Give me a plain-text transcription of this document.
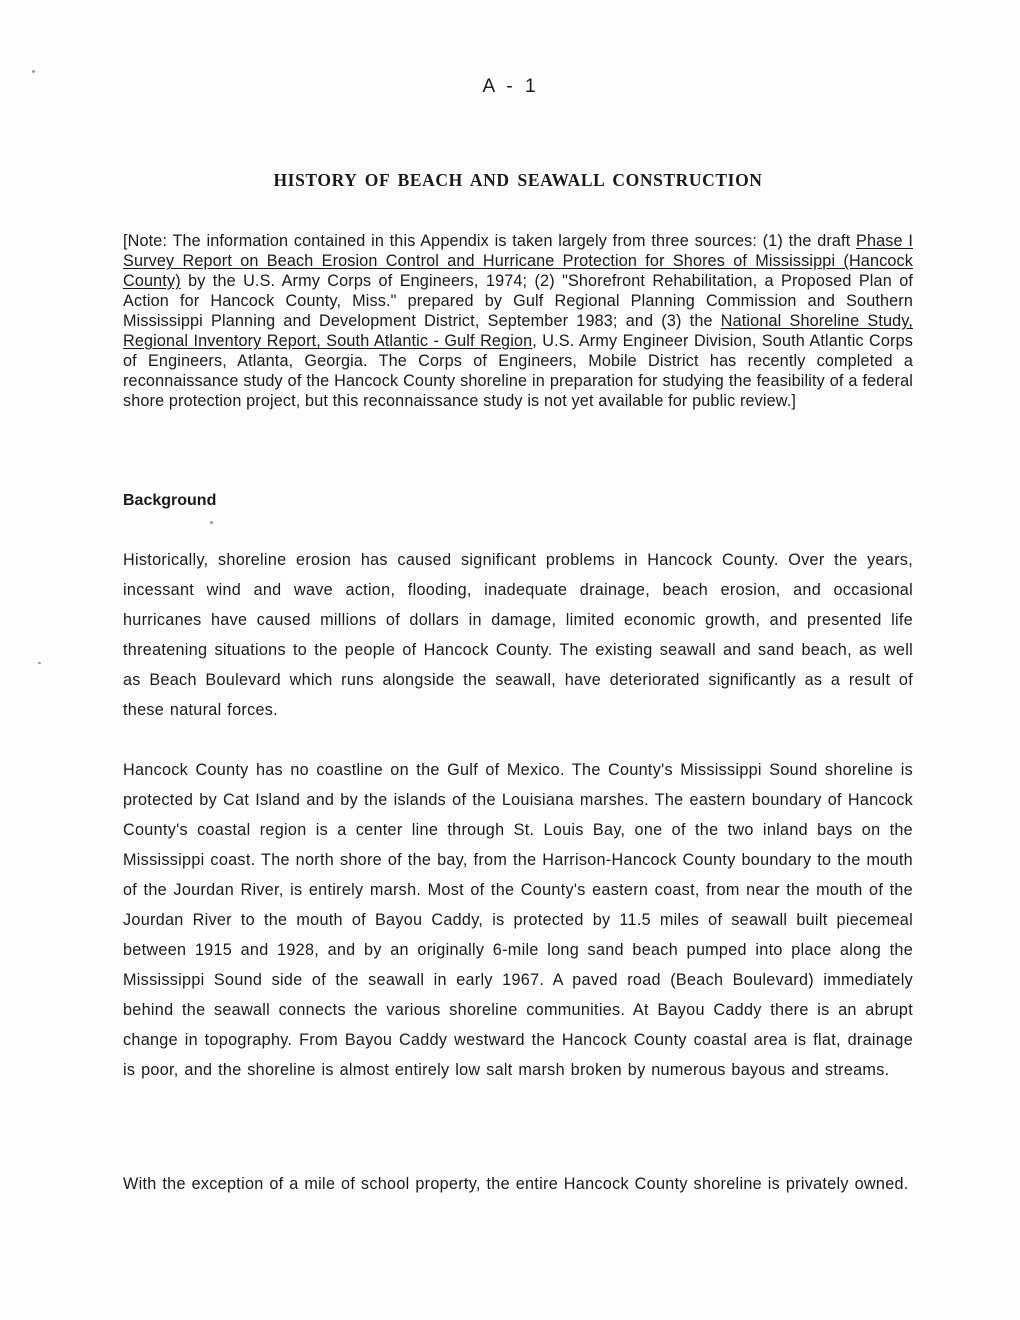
A - 1
HISTORY OF BEACH AND SEAWALL CONSTRUCTION
[Note: The information contained in this Appendix is taken largely from three sources: (1) the draft Phase I Survey Report on Beach Erosion Control and Hurricane Protection for Shores of Mississippi (Hancock County) by the U.S. Army Corps of Engineers, 1974; (2) "Shorefront Rehabilitation, a Proposed Plan of Action for Hancock County, Miss." prepared by Gulf Regional Planning Commission and Southern Mississippi Planning and Development District, September 1983; and (3) the National Shoreline Study, Regional Inventory Report, South Atlantic - Gulf Region, U.S. Army Engineer Division, South Atlantic Corps of Engineers, Atlanta, Georgia. The Corps of Engineers, Mobile District has recently completed a reconnaissance study of the Hancock County shoreline in preparation for studying the feasibility of a federal shore protection project, but this reconnaissance study is not yet available for public review.]
Background
Historically, shoreline erosion has caused significant problems in Hancock County. Over the years, incessant wind and wave action, flooding, inadequate drainage, beach erosion, and occasional hurricanes have caused millions of dollars in damage, limited economic growth, and presented life threatening situations to the people of Hancock County. The existing seawall and sand beach, as well as Beach Boulevard which runs alongside the seawall, have deteriorated significantly as a result of these natural forces.
Hancock County has no coastline on the Gulf of Mexico. The County's Mississippi Sound shoreline is protected by Cat Island and by the islands of the Louisiana marshes. The eastern boundary of Hancock County's coastal region is a center line through St. Louis Bay, one of the two inland bays on the Mississippi coast. The north shore of the bay, from the Harrison-Hancock County boundary to the mouth of the Jourdan River, is entirely marsh. Most of the County's eastern coast, from near the mouth of the Jourdan River to the mouth of Bayou Caddy, is protected by 11.5 miles of seawall built piecemeal between 1915 and 1928, and by an originally 6-mile long sand beach pumped into place along the Mississippi Sound side of the seawall in early 1967. A paved road (Beach Boulevard) immediately behind the seawall connects the various shoreline communities. At Bayou Caddy there is an abrupt change in topography. From Bayou Caddy westward the Hancock County coastal area is flat, drainage is poor, and the shoreline is almost entirely low salt marsh broken by numerous bayous and streams.
With the exception of a mile of school property, the entire Hancock County shoreline is privately owned.
